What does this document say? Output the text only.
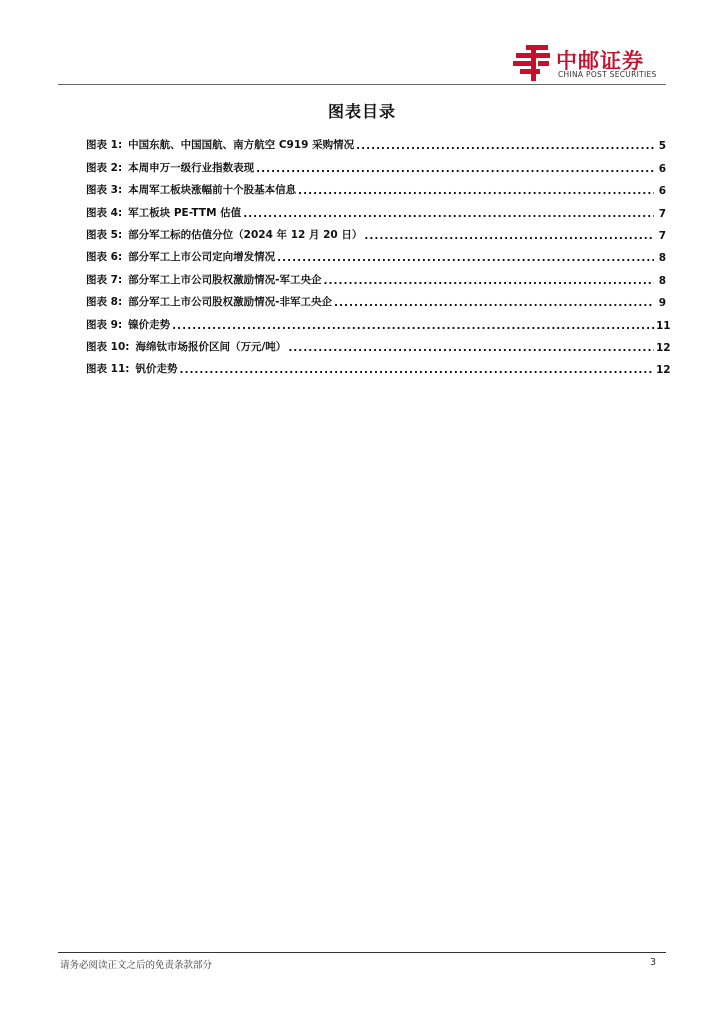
中邮证券
CHINA POST SECURITIES
图表目录
图表 1: 中国东航、中国国航、南方航空 C919 采购情况 .....	5
图表 2: 本周申万一级行业指数表现 .....	6
图表 3: 本周军工板块涨幅前十个股基本信息 .....	6
图表 4: 军工板块 PE-TTM 估值 .....	7
图表 5: 部分军工标的估值分位（2024 年 12 月 20 日） .....	7
图表 6: 部分军工上市公司定向增发情况 .....	8
图表 7: 部分军工上市公司股权激励情况-军工央企 .....	8
图表 8: 部分军工上市公司股权激励情况-非军工央企 .....	9
图表 9: 镍价走势 .....	11
图表 10: 海绵钛市场报价区间（万元/吨） .....	12
图表 11: 钒价走势 .....	12
请务必阅读正文之后的免责条款部分	3
